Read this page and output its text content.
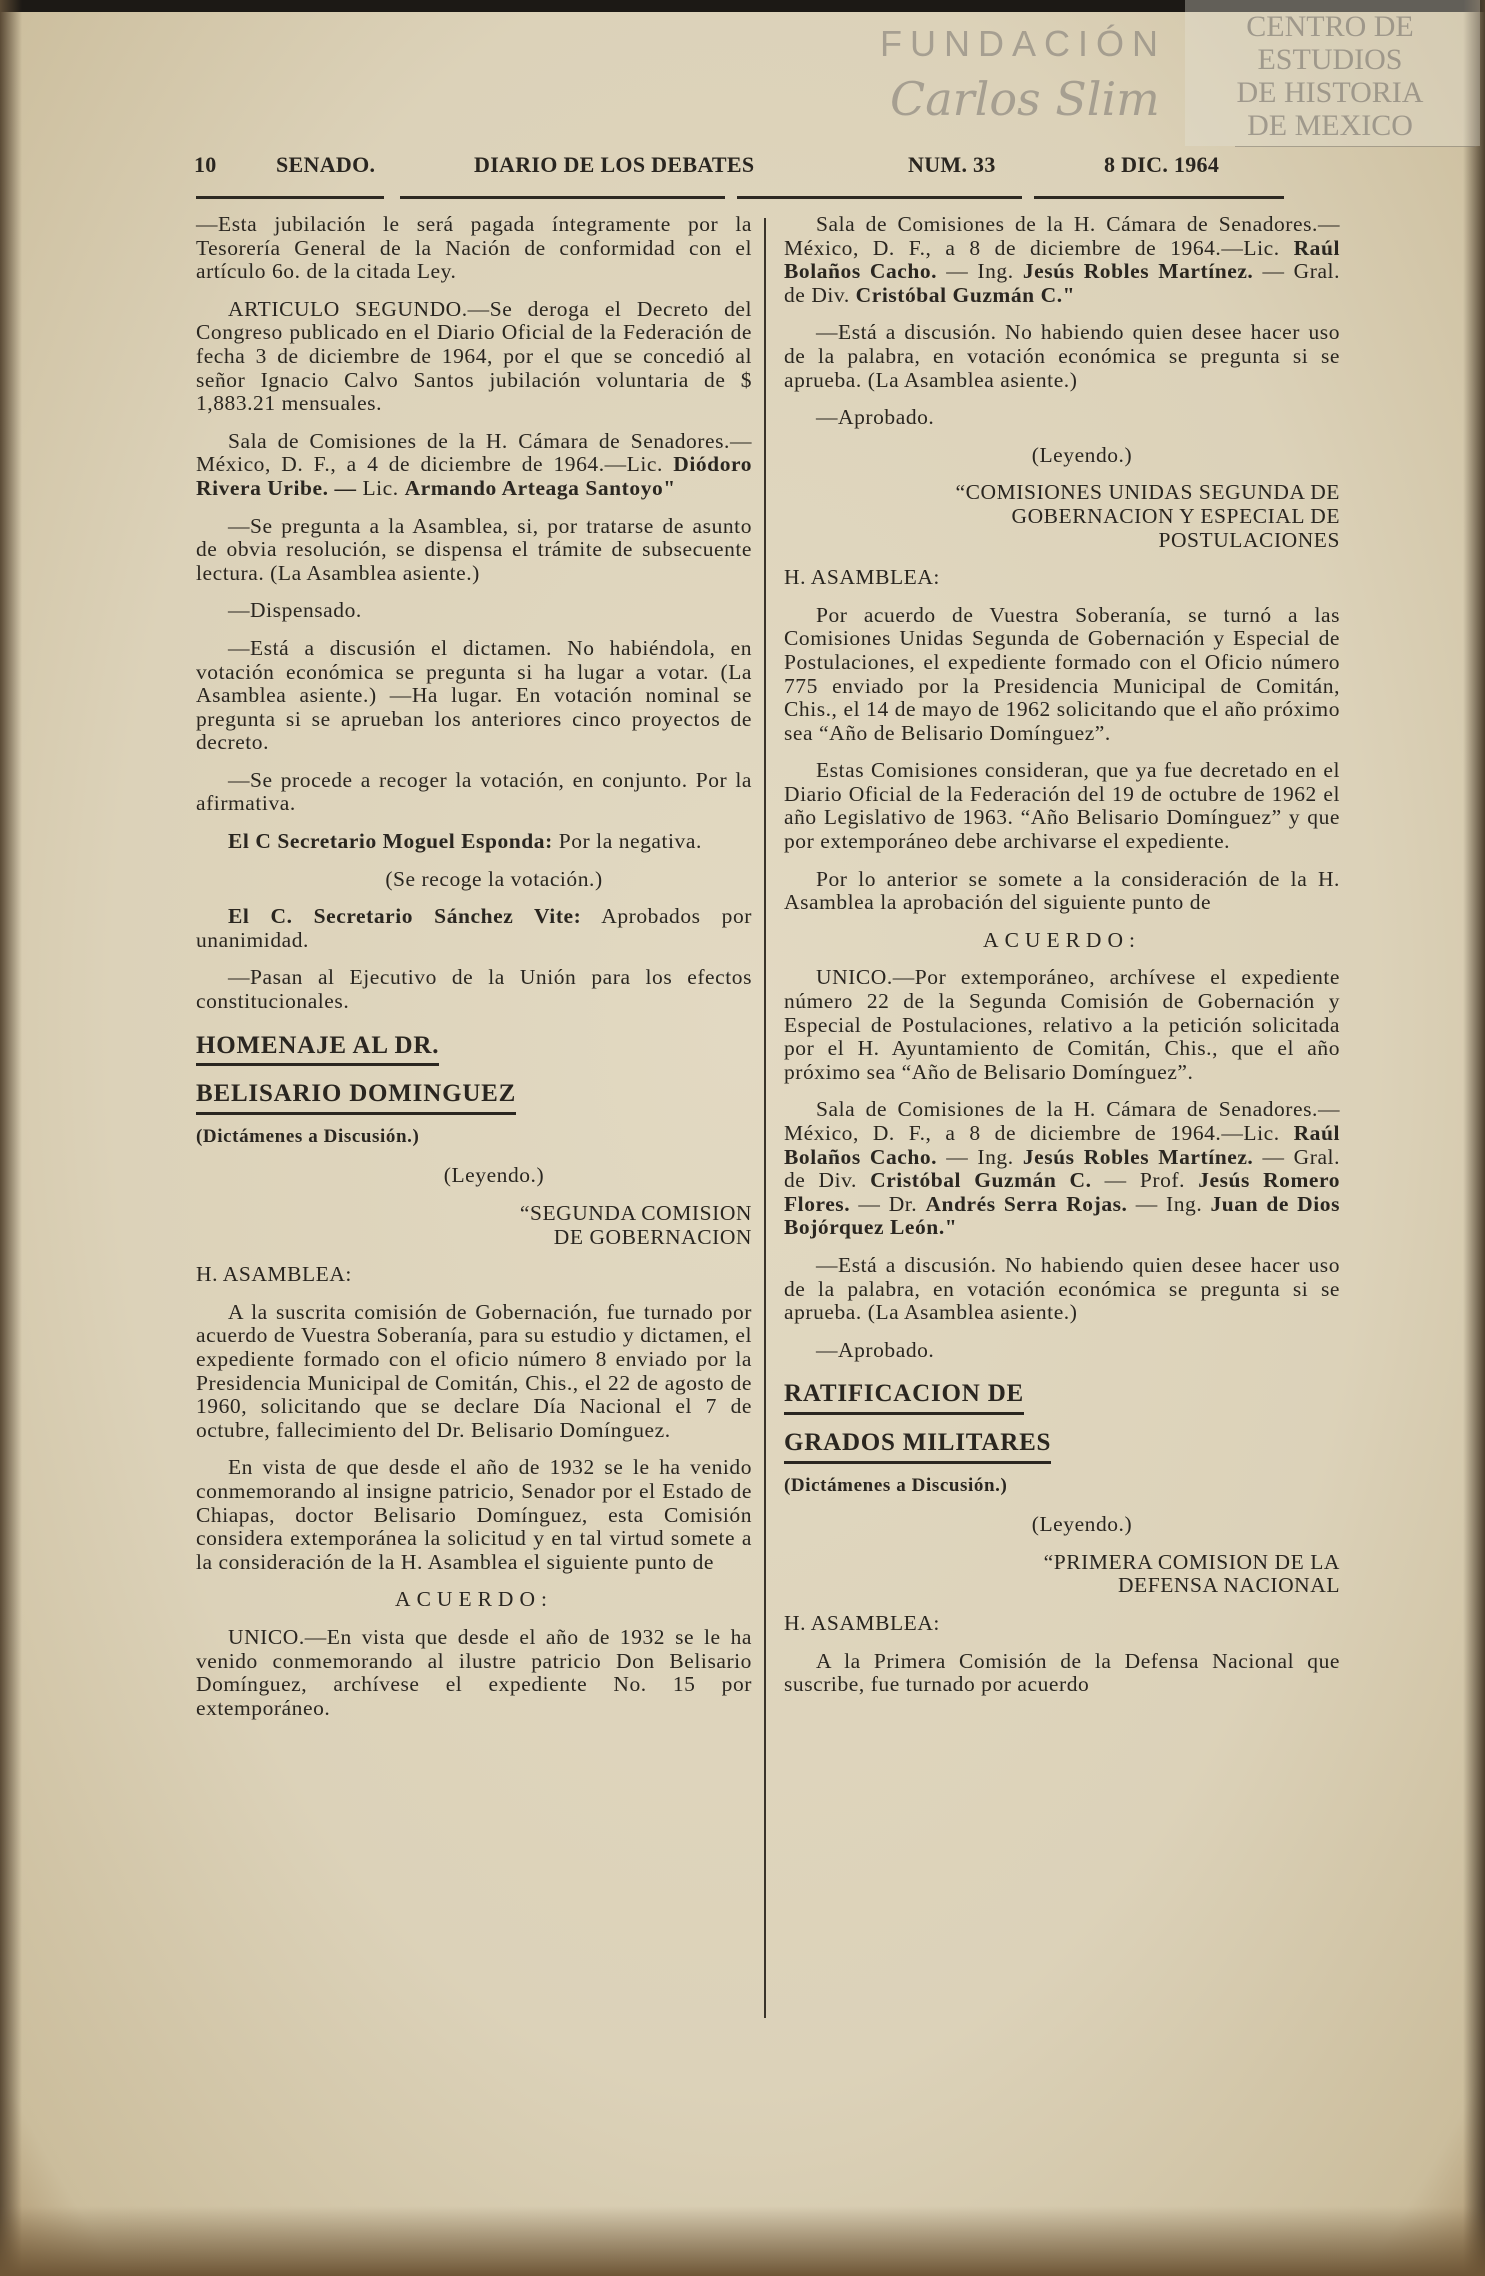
CENTRO DE
ESTUDIOS
DE HISTORIA
DE MEXICO
FUNDACIÓN
Carlos Slim
10	SENADO.	DIARIO DE LOS DEBATES	NUM. 33	8 DIC. 1964

—Esta jubilación le será pagada íntegramente por la Tesorería General de la Nación de conformidad con el artículo 6o. de la citada Ley.

ARTICULO SEGUNDO.—Se deroga el Decreto del Congreso publicado en el Diario Oficial de la Federación de fecha 3 de diciembre de 1964, por el que se concedió al señor Ignacio Calvo Santos jubilación voluntaria de $ 1,883.21 mensuales.

Sala de Comisiones de la H. Cámara de Senadores.— México, D. F., a 4 de diciembre de 1964.—Lic. Diódoro Rivera Uribe. — Lic. Armando Arteaga Santoyo"

—Se pregunta a la Asamblea, si, por tratarse de asunto de obvia resolución, se dispensa el trámite de subsecuente lectura. (La Asamblea asiente.)

—Dispensado.

—Está a discusión el dictamen. No habiéndola, en votación económica se pregunta si ha lugar a votar. (La Asamblea asiente.) —Ha lugar. En votación nominal se pregunta si se aprueban los anteriores cinco proyectos de decreto.

—Se procede a recoger la votación, en conjunto. Por la afirmativa.

El C Secretario Moguel Esponda: Por la negativa.

(Se recoge la votación.)

El C. Secretario Sánchez Vite: Aprobados por unanimidad.

—Pasan al Ejecutivo de la Unión para los efectos constitucionales.

HOMENAJE AL DR.
BELISARIO DOMINGUEZ
(Dictámenes a Discusión.)

(Leyendo.)

“SEGUNDA COMISION
DE GOBERNACION

H. ASAMBLEA:

A la suscrita comisión de Gobernación, fue turnado por acuerdo de Vuestra Soberanía, para su estudio y dictamen, el expediente formado con el oficio número 8 enviado por la Presidencia Municipal de Comitán, Chis., el 22 de agosto de 1960, solicitando que se declare Día Nacional el 7 de octubre, fallecimiento del Dr. Belisario Domínguez.

En vista de que desde el año de 1932 se le ha venido conmemorando al insigne patricio, Senador por el Estado de Chiapas, doctor Belisario Domínguez, esta Comisión considera extemporánea la solicitud y en tal virtud somete a la consideración de la H. Asamblea el siguiente punto de

ACUERDO:

UNICO.—En vista que desde el año de 1932 se le ha venido conmemorando al ilustre patricio Don Belisario Domínguez, archívese el expediente No. 15 por extemporáneo.

Sala de Comisiones de la H. Cámara de Senadores.— México, D. F., a 8 de diciembre de 1964.—Lic. Raúl Bolaños Cacho. — Ing. Jesús Robles Martínez. — Gral. de Div. Cristóbal Guzmán C."

—Está a discusión. No habiendo quien desee hacer uso de la palabra, en votación económica se pregunta si se aprueba. (La Asamblea asiente.)

—Aprobado.

(Leyendo.)

“COMISIONES UNIDAS SEGUNDA DE
GOBERNACION Y ESPECIAL DE
POSTULACIONES

H. ASAMBLEA:

Por acuerdo de Vuestra Soberanía, se turnó a las Comisiones Unidas Segunda de Gobernación y Especial de Postulaciones, el expediente formado con el Oficio número 775 enviado por la Presidencia Municipal de Comitán, Chis., el 14 de mayo de 1962 solicitando que el año próximo sea “Año de Belisario Domínguez”.

Estas Comisiones consideran, que ya fue decretado en el Diario Oficial de la Federación del 19 de octubre de 1962 el año Legislativo de 1963. “Año Belisario Domínguez” y que por extemporáneo debe archivarse el expediente.

Por lo anterior se somete a la consideración de la H. Asamblea la aprobación del siguiente punto de

ACUERDO:

UNICO.—Por extemporáneo, archívese el expediente número 22 de la Segunda Comisión de Gobernación y Especial de Postulaciones, relativo a la petición solicitada por el H. Ayuntamiento de Comitán, Chis., que el año próximo sea “Año de Belisario Domínguez”.

Sala de Comisiones de la H. Cámara de Senadores.— México, D. F., a 8 de diciembre de 1964.—Lic. Raúl Bolaños Cacho. — Ing. Jesús Robles Martínez. — Gral. de Div. Cristóbal Guzmán C. — Prof. Jesús Romero Flores. — Dr. Andrés Serra Rojas. — Ing. Juan de Dios Bojórquez León."

—Está a discusión. No habiendo quien desee hacer uso de la palabra, en votación económica se pregunta si se aprueba. (La Asamblea asiente.)

—Aprobado.

RATIFICACION DE
GRADOS MILITARES
(Dictámenes a Discusión.)

(Leyendo.)

“PRIMERA COMISION DE LA
DEFENSA NACIONAL

H. ASAMBLEA:

A la Primera Comisión de la Defensa Nacional que suscribe, fue turnado por acuerdo
